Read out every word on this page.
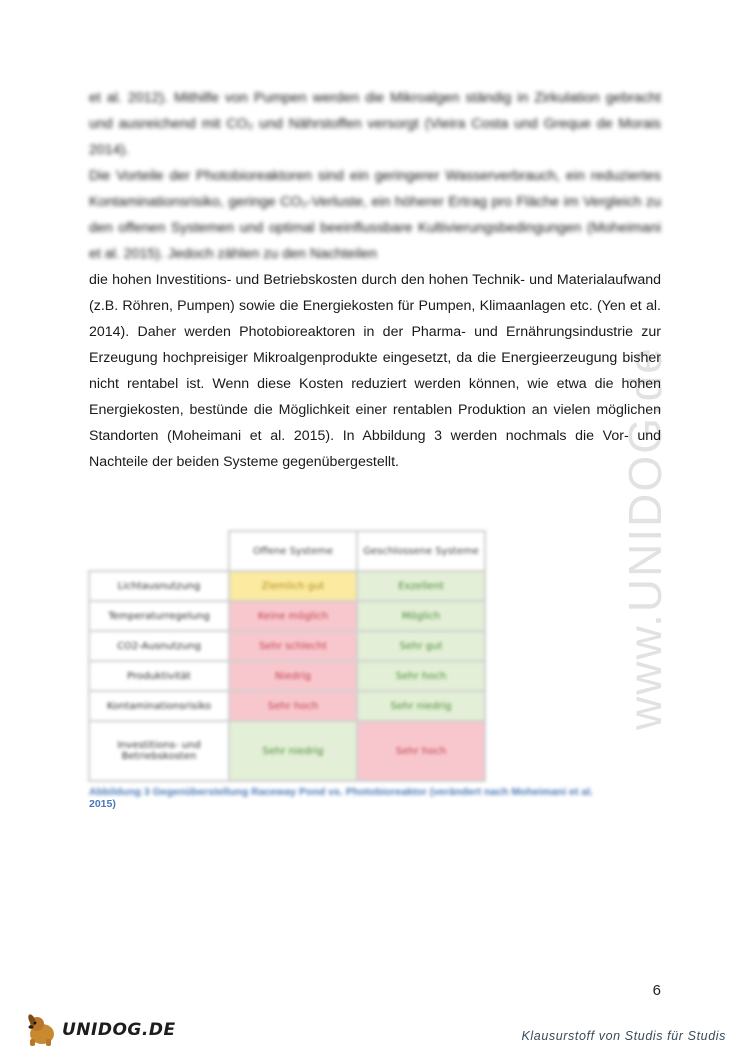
www.UNIDOG.de

et al. 2012). Mithilfe von Pumpen werden die Mikroalgen ständig in Zirkulation gebracht und ausreichend mit CO₂ und Nährstoffen versorgt (Vieira Costa und Greque de Morais 2014).

Die Vorteile der Photobioreaktoren sind ein geringerer Wasserverbrauch, ein reduziertes Kontaminationsrisiko, geringe CO₂-Verluste, ein höherer Ertrag pro Fläche im Vergleich zu den offenen Systemen und optimal beeinflussbare Kultivierungsbedingungen (Moheimani et al. 2015). Jedoch zählen zu den Nachteilen

die hohen Investitions- und Betriebskosten durch den hohen Technik- und Materialaufwand (z.B. Röhren, Pumpen) sowie die Energiekosten für Pumpen, Klimaanlagen etc. (Yen et al. 2014). Daher werden Photobioreaktoren in der Pharma- und Ernährungsindustrie zur Erzeugung hochpreisiger Mikroalgenprodukte eingesetzt, da die Energieerzeugung bisher nicht rentabel ist. Wenn diese Kosten reduziert werden können, wie etwa die hohen Energiekosten, bestünde die Möglichkeit einer rentablen Produktion an vielen möglichen Standorten (Moheimani et al. 2015). In Abbildung 3 werden nochmals die Vor- und Nachteile der beiden Systeme gegenübergestellt.

	Offene Systeme	Geschlossene Systeme
Lichtausnutzung	Ziemlich gut	Exzellent
Temperaturregelung	Keine möglich	Möglich
CO2-Ausnutzung	Sehr schlecht	Sehr gut
Produktivität	Niedrig	Sehr hoch
Kontaminationsrisiko	Sehr hoch	Sehr niedrig
Investitions- und Betriebskosten	Sehr niedrig	Sehr hoch
Abbildung 3 Gegenüberstellung Raceway Pond vs. Photobioreaktor (verändert nach Moheimani et al.
2015)
6
UNIDOG.DE	Klausurstoff von Studis für Studis
